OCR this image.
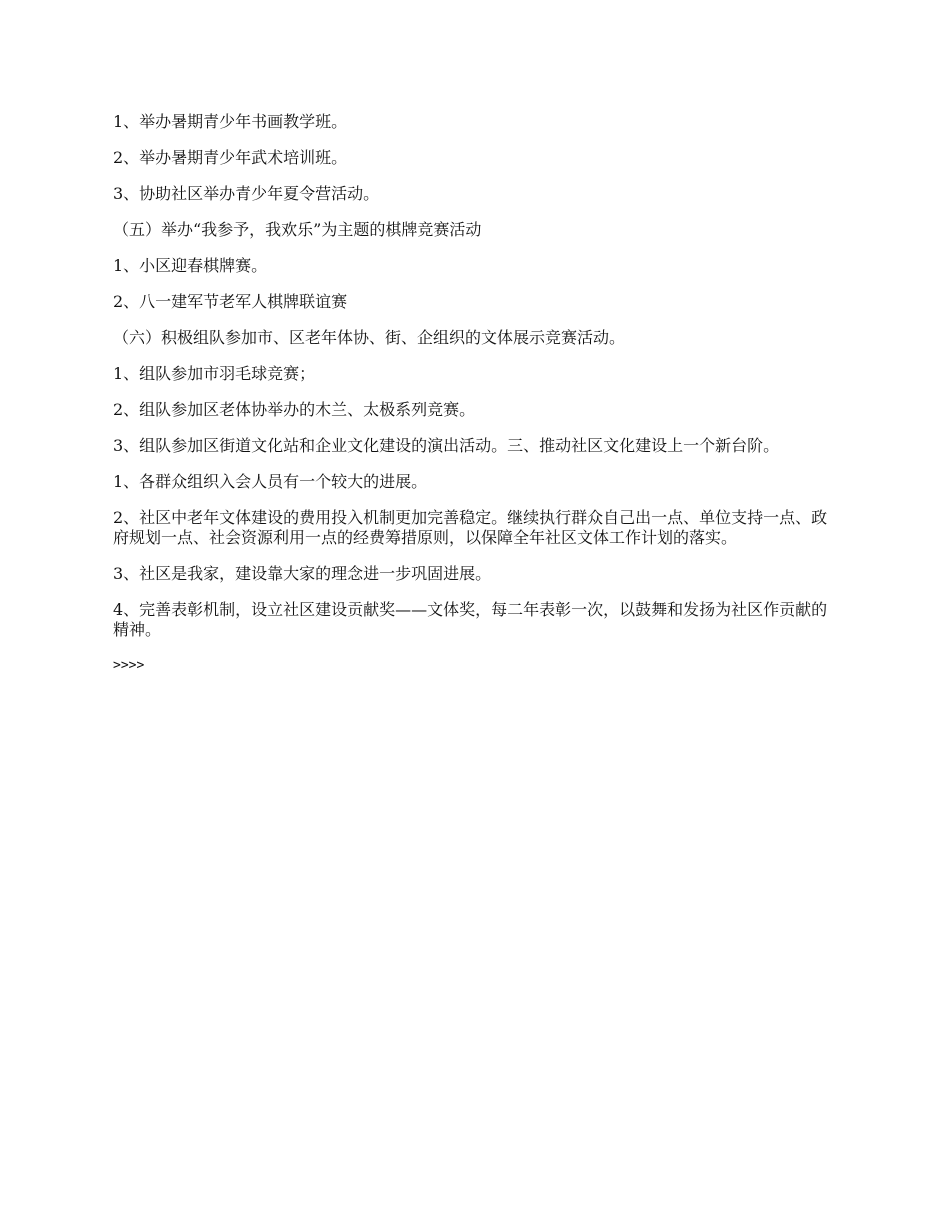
1、举办暑期青少年书画教学班。

2、举办暑期青少年武术培训班。

3、协助社区举办青少年夏令营活动。

（五）举办“我参予，我欢乐”为主题的棋牌竞赛活动

1、小区迎春棋牌赛。

2、八一建军节老军人棋牌联谊赛

（六）积极组队参加市、区老年体协、街、企组织的文体展示竞赛活动。

1、组队参加市羽毛球竞赛；

2、组队参加区老体协举办的木兰、太极系列竞赛。

3、组队参加区街道文化站和企业文化建设的演出活动。三、推动社区文化建设上一个新台阶。

1、各群众组织入会人员有一个较大的进展。

2、社区中老年文体建设的费用投入机制更加完善稳定。继续执行群众自己出一点、单位支持一点、政府规划一点、社会资源利用一点的经费筹措原则，以保障全年社区文体工作计划的落实。

3、社区是我家，建设靠大家的理念进一步巩固进展。

4、完善表彰机制，设立社区建设贡献奖——文体奖，每二年表彰一次，以鼓舞和发扬为社区作贡献的精神。

>>>>
